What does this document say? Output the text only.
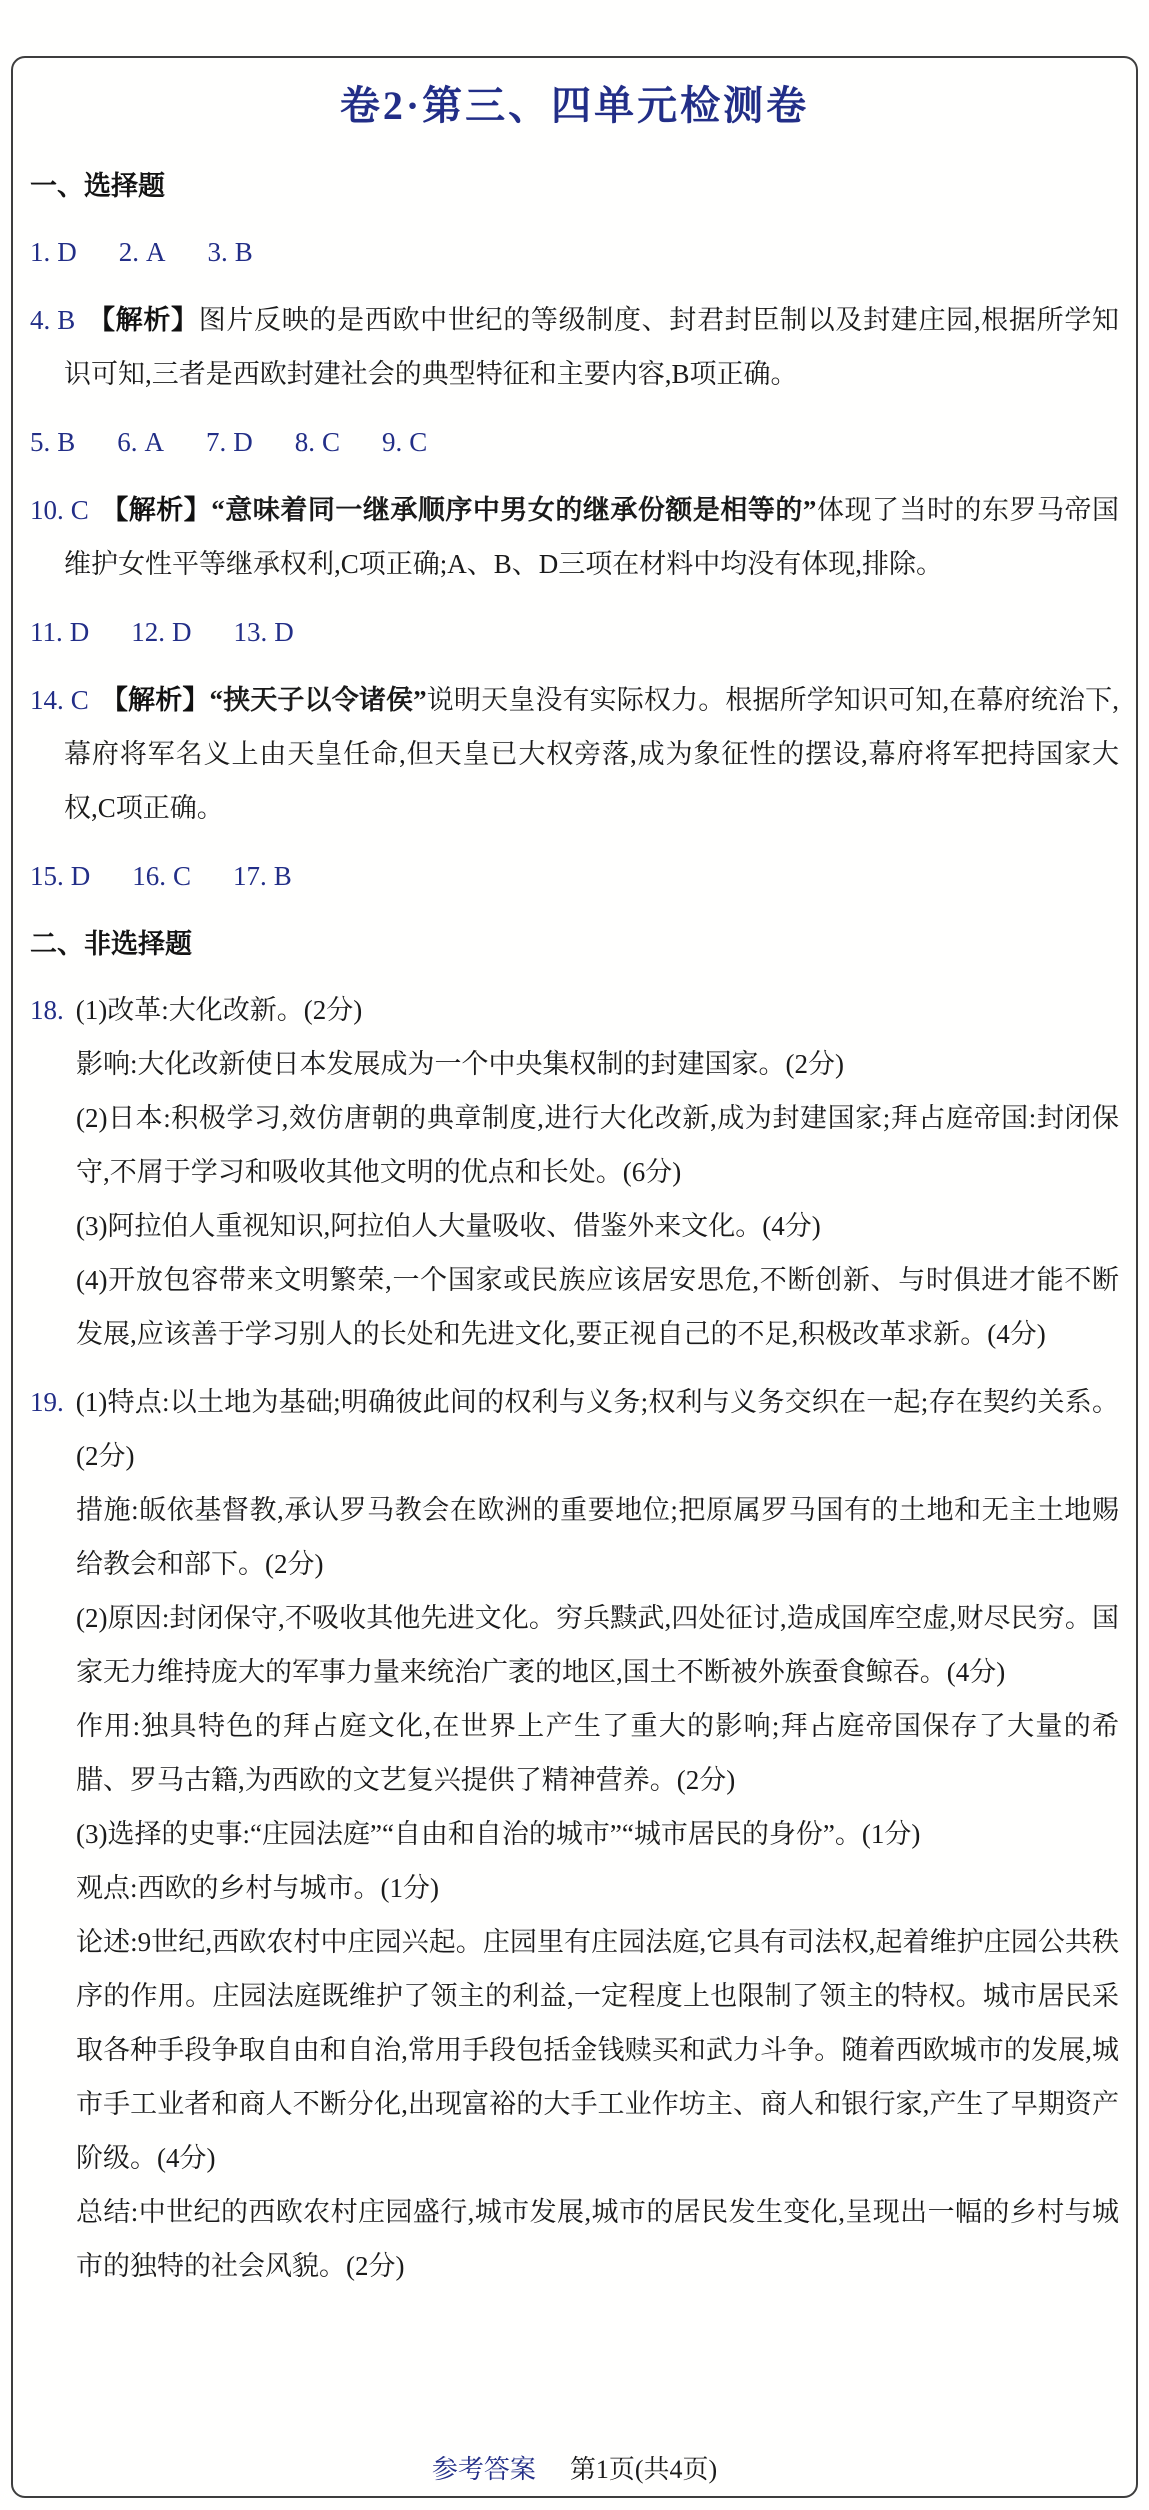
卷2·第三、四单元检测卷
一、选择题
1. D 2. A 3. B
4. B 【解析】图片反映的是西欧中世纪的等级制度、封君封臣制以及封建庄园,根据所学知识可知,三者是西欧封建社会的典型特征和主要内容,B项正确。
5. B 6. A 7. D 8. C 9. C
10. C 【解析】“意味着同一继承顺序中男女的继承份额是相等的”体现了当时的东罗马帝国维护女性平等继承权利,C项正确;A、B、D三项在材料中均没有体现,排除。
11. D 12. D 13. D
14. C 【解析】“挟天子以令诸侯”说明天皇没有实际权力。根据所学知识可知,在幕府统治下,幕府将军名义上由天皇任命,但天皇已大权旁落,成为象征性的摆设,幕府将军把持国家大权,C项正确。
15. D 16. C 17. B
二、非选择题
18. (1)改革:大化改新。(2分)
影响:大化改新使日本发展成为一个中央集权制的封建国家。(2分)
(2)日本:积极学习,效仿唐朝的典章制度,进行大化改新,成为封建国家;拜占庭帝国:封闭保守,不屑于学习和吸收其他文明的优点和长处。(6分)
(3)阿拉伯人重视知识,阿拉伯人大量吸收、借鉴外来文化。(4分)
(4)开放包容带来文明繁荣,一个国家或民族应该居安思危,不断创新、与时俱进才能不断发展,应该善于学习别人的长处和先进文化,要正视自己的不足,积极改革求新。(4分)
19. (1)特点:以土地为基础;明确彼此间的权利与义务;权利与义务交织在一起;存在契约关系。(2分)
措施:皈依基督教,承认罗马教会在欧洲的重要地位;把原属罗马国有的土地和无主土地赐给教会和部下。(2分)
(2)原因:封闭保守,不吸收其他先进文化。穷兵黩武,四处征讨,造成国库空虚,财尽民穷。国家无力维持庞大的军事力量来统治广袤的地区,国土不断被外族蚕食鲸吞。(4分)
作用:独具特色的拜占庭文化,在世界上产生了重大的影响;拜占庭帝国保存了大量的希腊、罗马古籍,为西欧的文艺复兴提供了精神营养。(2分)
(3)选择的史事:“庄园法庭”“自由和自治的城市”“城市居民的身份”。(1分)
观点:西欧的乡村与城市。(1分)
论述:9世纪,西欧农村中庄园兴起。庄园里有庄园法庭,它具有司法权,起着维护庄园公共秩序的作用。庄园法庭既维护了领主的利益,一定程度上也限制了领主的特权。城市居民采取各种手段争取自由和自治,常用手段包括金钱赎买和武力斗争。随着西欧城市的发展,城市手工业者和商人不断分化,出现富裕的大手工业作坊主、商人和银行家,产生了早期资产阶级。(4分)
总结:中世纪的西欧农村庄园盛行,城市发展,城市的居民发生变化,呈现出一幅的乡村与城市的独特的社会风貌。(2分)
参考答案 第1页(共4页)
